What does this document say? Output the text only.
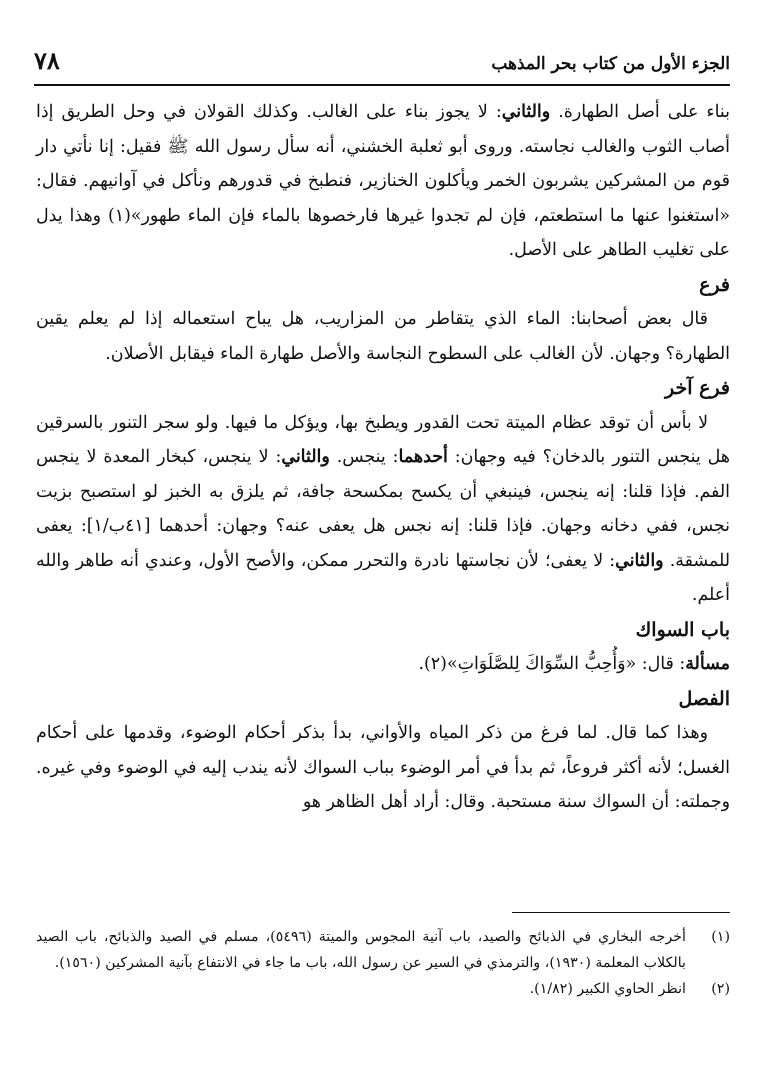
٧٨	الجزء الأول من كتاب بحر المذهب

بناء على أصل الطهارة. والثاني: لا يجوز بناء على الغالب. وكذلك القولان في وحل الطريق إذا أصاب الثوب والغالب نجاسته. وروى أبو ثعلبة الخشني، أنه سأل رسول الله ﷺ فقيل: إنا نأتي دار قوم من المشركين يشربون الخمر ويأكلون الخنازير، فنطبخ في قدورهم ونأكل في آوانيهم. فقال: «استغنوا عنها ما استطعتم، فإن لم تجدوا غيرها فارخصوها بالماء فإن الماء طهور»(١) وهذا يدل على تغليب الطاهر على الأصل.

فرع

قال بعض أصحابنا: الماء الذي يتقاطر من المزاريب، هل يباح استعماله إذا لم يعلم يقين الطهارة؟ وجهان. لأن الغالب على السطوح النجاسة والأصل طهارة الماء فيقابل الأصلان.

فرع آخر

لا بأس أن توقد عظام الميتة تحت القدور ويطبخ بها، ويؤكل ما فيها. ولو سجر التنور بالسرقين هل ينجس التنور بالدخان؟ فيه وجهان: أحدهما: ينجس. والثاني: لا ينجس، كبخار المعدة لا ينجس الفم. فإذا قلنا: إنه ينجس، فينبغي أن يكسح بمكسحة جافة، ثم يلزق به الخبز لو استصبح بزيت نجس، ففي دخانه وجهان. فإذا قلنا: إنه نجس هل يعفى عنه؟ وجهان: أحدهما [٤١ب/١]: يعفى للمشقة. والثاني: لا يعفى؛ لأن نجاستها نادرة والتحرر ممكن، والأصح الأول، وعندي أنه طاهر والله أعلم.

باب السواك

مسألة: قال: «وَأُحِبُّ السِّوَاكَ لِلصَّلَوَاتِ»(٢).

الفصل

وهذا كما قال. لما فرغ من ذكر المياه والأواني، بدأ بذكر أحكام الوضوء، وقدمها على أحكام الغسل؛ لأنه أكثر فروعاً، ثم بدأ في أمر الوضوء بباب السواك لأنه يندب إليه في الوضوء وفي غيره. وجملته: أن السواك سنة مستحبة. وقال: أراد أهل الظاهر هو

(١)
أخرجه البخاري في الذبائح والصيد، باب آنية المجوس والميتة (٥٤٩٦)، مسلم في الصيد والذبائح، باب الصيد بالكلاب المعلمة (١٩٣٠)، والترمذي في السير عن رسول الله، باب ما جاء في الانتفاع بآنية المشركين (١٥٦٠).
(٢)
انظر الحاوي الكبير (١/٨٢).
